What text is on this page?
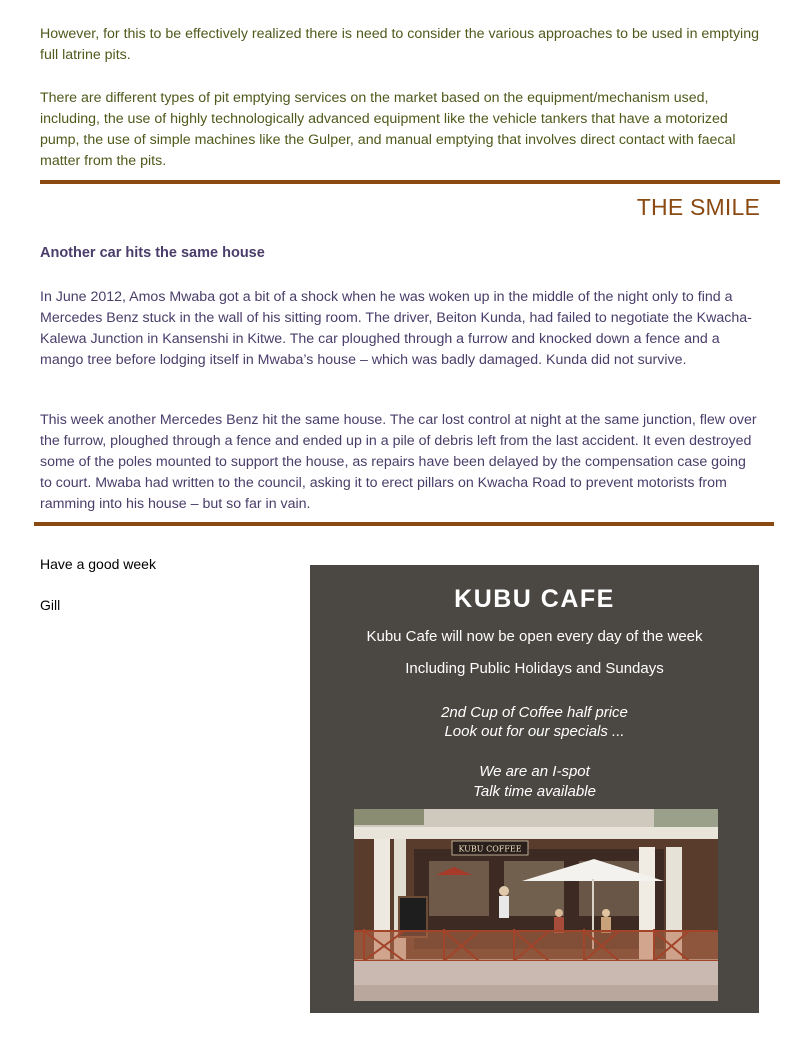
However, for this to be effectively realized there is need to consider the various approaches to be used in emptying full latrine pits.

There are different types of pit emptying services on the market based on the equipment/mechanism used, including, the use of highly technologically advanced equipment like the vehicle tankers that have a motorized pump, the use of simple machines like the Gulper, and manual emptying that involves direct contact with faecal matter from the pits.

THE SMILE
Another car hits the same house

In June 2012, Amos Mwaba got a bit of a shock when he was woken up in the middle of the night only to find a Mercedes Benz stuck in the wall of his sitting room. The driver, Beiton Kunda, had failed to negotiate the Kwacha-Kalewa Junction in Kansenshi in Kitwe. The car ploughed through a furrow and knocked down a fence and a mango tree before lodging itself in Mwaba’s house – which was badly damaged. Kunda did not survive.

This week another Mercedes Benz hit the same house. The car lost control at night at the same junction, flew over the furrow, ploughed through a fence and ended up in a pile of debris left from the last accident. It even destroyed some of the poles mounted to support the house, as repairs have been delayed by the compensation case going to court. Mwaba had written to the council, asking it to erect pillars on Kwacha Road to prevent motorists from ramming into his house – but so far in vain.

Have a good week
Gill	KUBU CAFE
Kubu Cafe will now be open every day of the week
Including Public Holidays and Sundays
2nd Cup of Coffee half price
Look out for our specials ...
We are an I-spot
Talk time available
KUBU COFFEE
